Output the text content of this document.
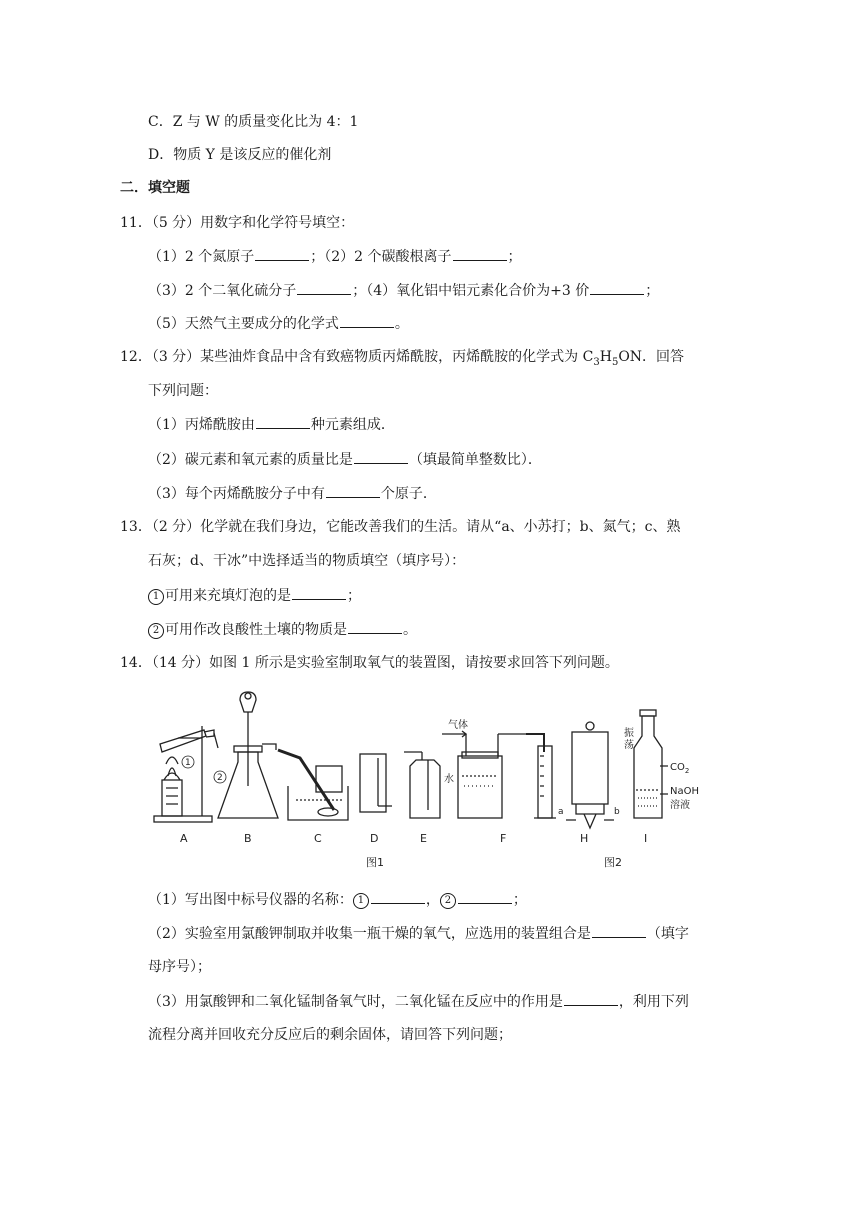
C．Z 与 W 的质量变化比为 4：1
D．物质 Y 是该反应的催化剂
二．填空题
11．（5 分）用数字和化学符号填空：
（1）2 个氮原子	；（2）2 个碳酸根离子	；
（3）2 个二氧化硫分子	；（4）氧化铝中铝元素化合价为+3 价	；
（5）天然气主要成分的化学式	。
12．（3 分）某些油炸食品中含有致癌物质丙烯酰胺，丙烯酰胺的化学式为 $C_3H_5ON$．回答
下列问题：
（1）丙烯酰胺由	种元素组成．
（2）碳元素和氧元素的质量比是	（填最简单整数比）．
（3）每个丙烯酰胺分子中有	个原子．
13．（2 分）化学就在我们身边，它能改善我们的生活。请从“a、小苏打；b、氮气；c、熟
石灰；d、干冰”中选择适当的物质填空（填序号）：
1 可用来充填灯泡的是	；
2 可用作改良酸性土壤的物质是	。
14．（14 分）如图 1 所示是实验室制取氧气的装置图，请按要求回答下列问题。
1
2
气体
水
a	b
振
荡
$CO_2$
NaOH
溶液
A	B	C	D	E	F	H	I
图1	图2
（1）写出图中标号仪器的名称： 1	， 2	；
（2）实验室用氯酸钾制取并收集一瓶干燥的氧气，应选用的装置组合是	（填字
母序号）；
（3）用氯酸钾和二氧化锰制备氧气时，二氧化锰在反应中的作用是	，利用下列
流程分离并回收充分反应后的剩余固体，请回答下列问题；
